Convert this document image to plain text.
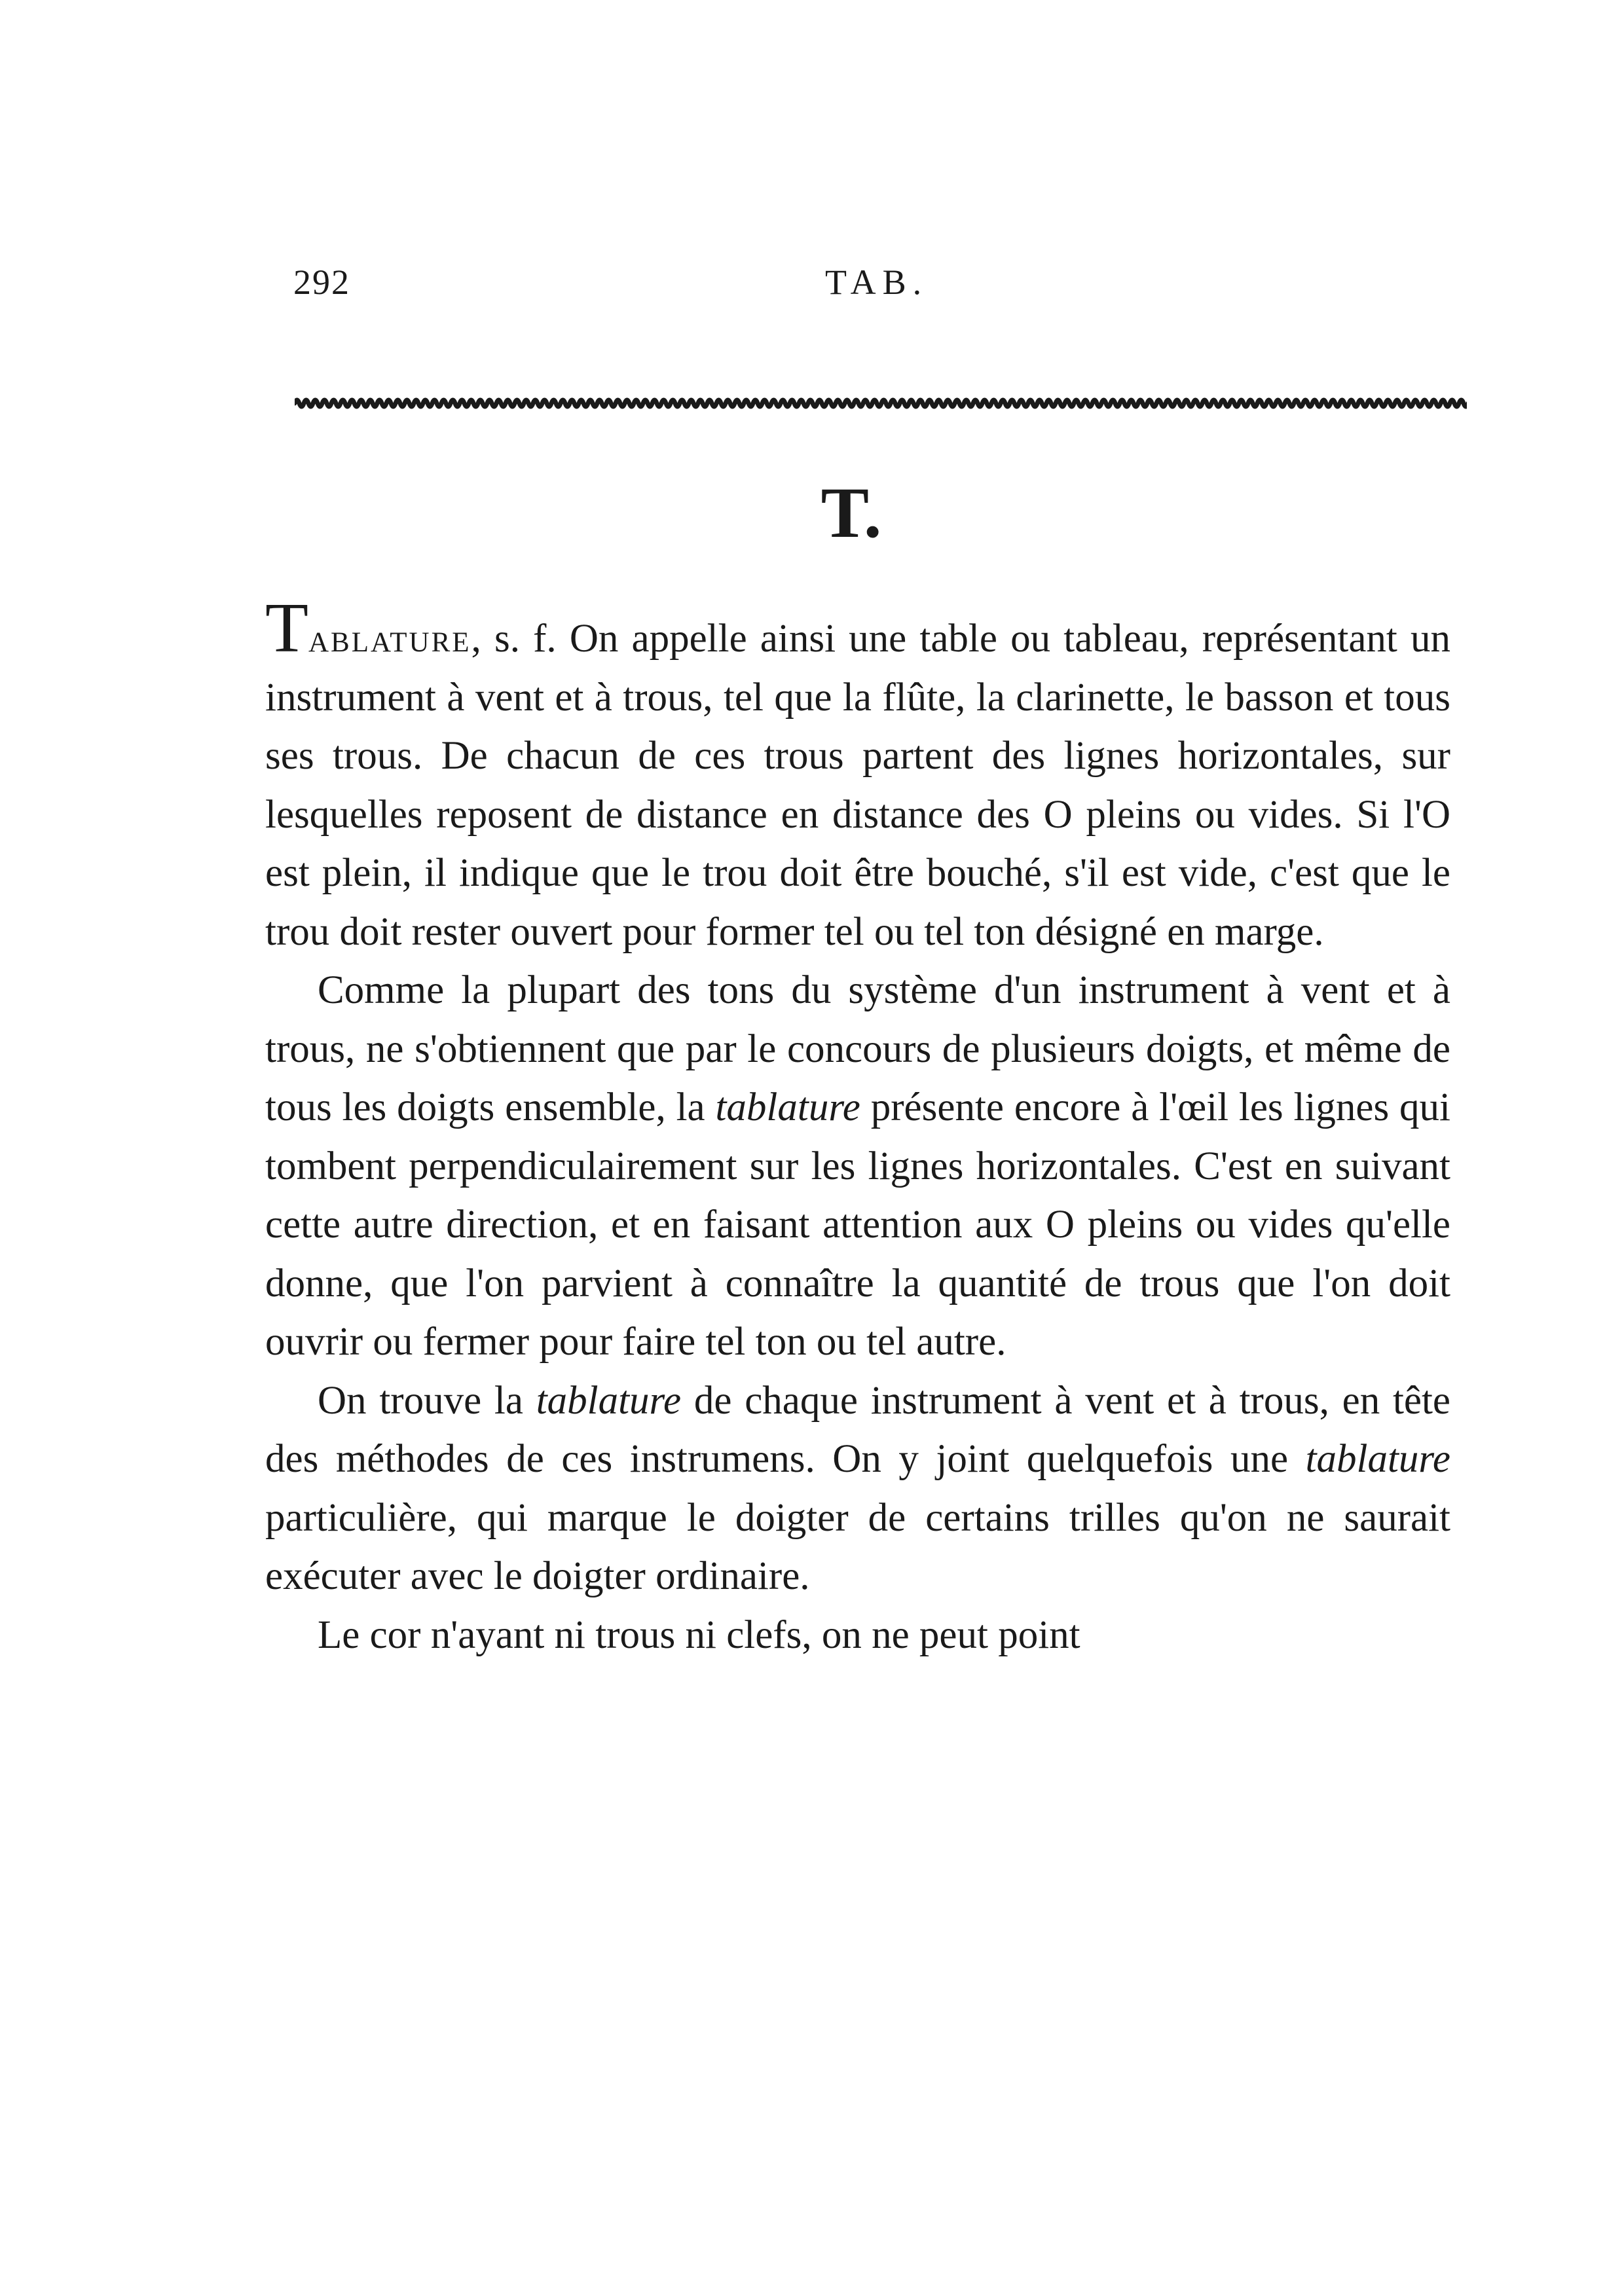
292	TAB.
T.

Tablature, s. f. On appelle ainsi une table ou tableau, représentant un instrument à vent et à trous, tel que la flûte, la clarinette, le basson et tous ses trous. De chacun de ces trous partent des lignes horizontales, sur lesquelles reposent de distance en distance des O pleins ou vides. Si l'O est plein, il indique que le trou doit être bouché, s'il est vide, c'est que le trou doit rester ouvert pour former tel ou tel ton désigné en marge.

Comme la plupart des tons du système d'un instrument à vent et à trous, ne s'obtiennent que par le concours de plusieurs doigts, et même de tous les doigts ensemble, la tablature présente encore à l'œil les lignes qui tombent perpendiculairement sur les lignes horizontales. C'est en suivant cette autre direction, et en faisant attention aux O pleins ou vides qu'elle donne, que l'on parvient à connaître la quantité de trous que l'on doit ouvrir ou fermer pour faire tel ton ou tel autre.

On trouve la tablature de chaque instrument à vent et à trous, en tête des méthodes de ces instrumens. On y joint quelquefois une tablature particulière, qui marque le doigter de certains trilles qu'on ne saurait exécuter avec le doigter ordinaire.

Le cor n'ayant ni trous ni clefs, on ne peut point
